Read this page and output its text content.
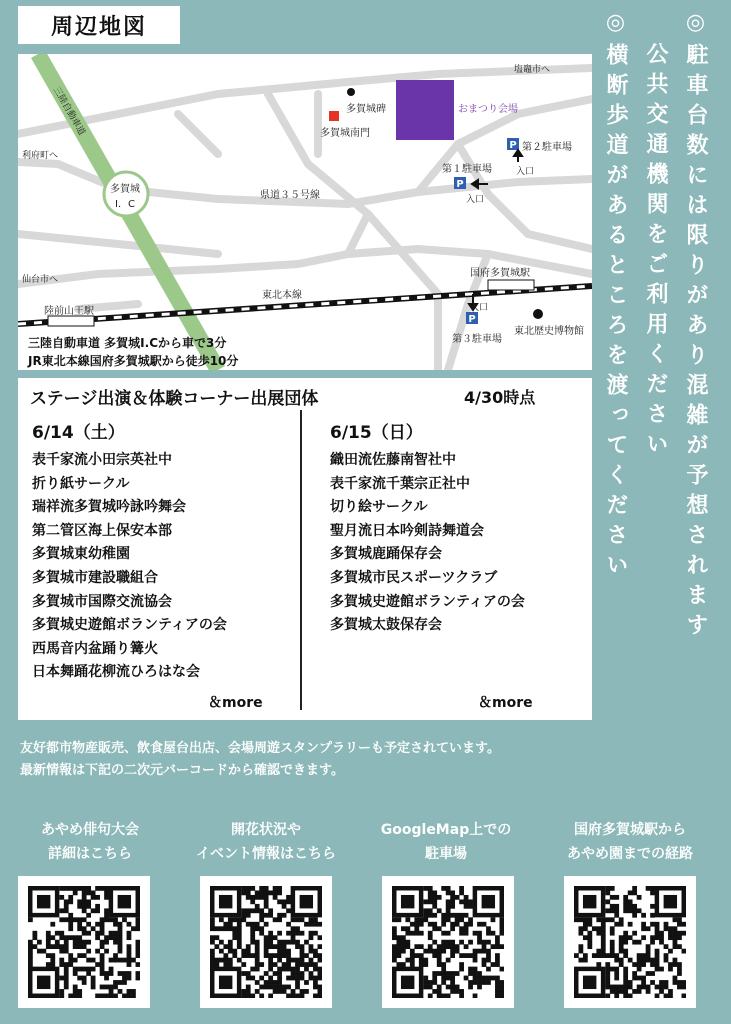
周辺地図
P
P
P
三陸自動車道
多賀城
I．C
利府町へ
仙台市へ
塩竈市へ
陸前山王駅
国府多賀城駅
東北本線
県道３５号線
多賀城碑
多賀城南門
おまつり会場
第１駐車場
第２駐車場
第３駐車場
入口
入口
入口
東北歴史博物館
三陸自動車道 多賀城I.Cから車で3分
JR東北本線国府多賀城駅から徒歩10分	◎駐車台数には限りがあり混雑が予想されます
公共交通機関をご利用ください
◎横断歩道があるところを渡ってください
ステージ出演＆体験コーナー出展団体	4/30時点
6/14（土）
表千家流小田宗英社中
折り紙サークル
瑞祥流多賀城吟詠吟舞会
第二管区海上保安本部
多賀城東幼稚園
多賀城市建設職組合
多賀城市国際交流協会
多賀城史遊館ボランティアの会
西馬音内盆踊り篝火
日本舞踊花柳流ひろはな会
＆more
6/15（日）
織田流佐藤南智社中
表千家流千葉宗正社中
切り絵サークル
聖月流日本吟剣詩舞道会
多賀城鹿踊保存会
多賀城市民スポーツクラブ
多賀城史遊館ボランティアの会
多賀城太鼓保存会
＆more
友好都市物産販売、飲食屋台出店、会場周遊スタンプラリーも予定されています。
最新情報は下記の二次元バーコードから確認できます。
あやめ俳句大会
詳細はこちら
開花状況や
イベント情報はこちら
GoogleMap上での
駐車場
国府多賀城駅から
あやめ園までの経路
